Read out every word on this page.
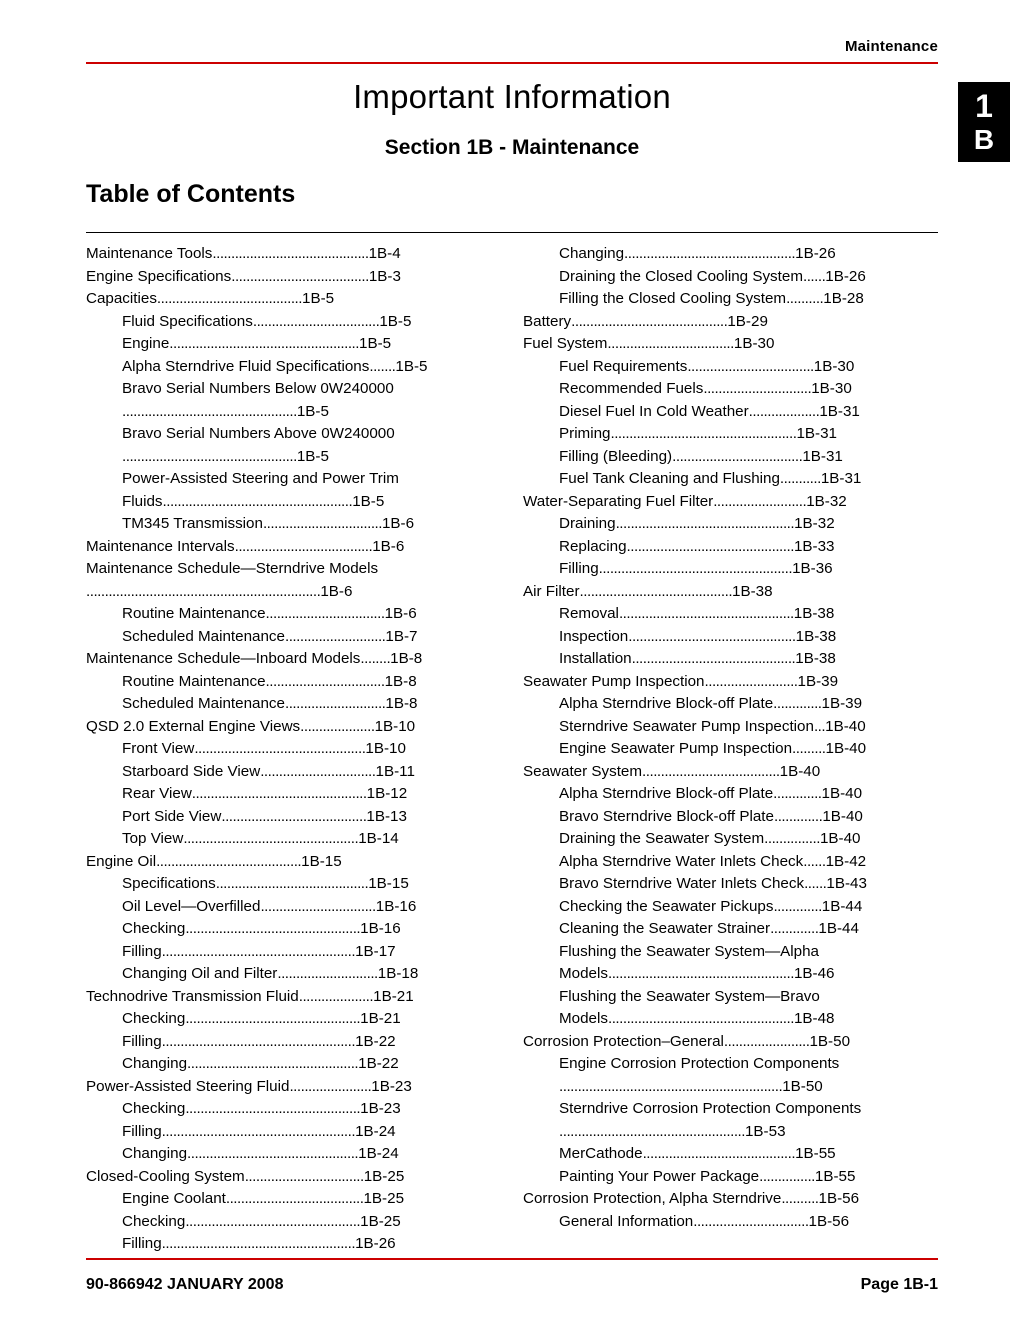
Maintenance
1
B
Important Information
Section 1B - Maintenance
Table of Contents
Maintenance Tools..........................................1B-4
Engine Specifications.....................................1B-3
Capacities.......................................1B-5
Fluid Specifications..................................1B-5
Engine...................................................1B-5
Alpha Sterndrive Fluid Specifications.......1B-5
Bravo Serial Numbers Below 0W240000
...............................................1B-5
Bravo Serial Numbers Above 0W240000
...............................................1B-5
Power-Assisted Steering and Power Trim
Fluids...................................................1B-5
TM345 Transmission................................1B-6
Maintenance Intervals.....................................1B-6
Maintenance Schedule—Sterndrive Models
...............................................................1B-6
Routine Maintenance................................1B-6
Scheduled Maintenance...........................1B-7
Maintenance Schedule—Inboard Models........1B-8
Routine Maintenance................................1B-8
Scheduled Maintenance...........................1B-8
QSD 2.0 External Engine Views....................1B-10
Front View..............................................1B-10
Starboard Side View...............................1B-11
Rear View...............................................1B-12
Port Side View.......................................1B-13
Top View...............................................1B-14
Engine Oil.......................................1B-15
Specifications.........................................1B-15
Oil Level—Overfilled...............................1B-16
Checking...............................................1B-16
Filling....................................................1B-17
Changing Oil and Filter...........................1B-18
Technodrive Transmission Fluid....................1B-21
Checking...............................................1B-21
Filling....................................................1B-22
Changing..............................................1B-22
Power-Assisted Steering Fluid......................1B-23
Checking...............................................1B-23
Filling....................................................1B-24
Changing..............................................1B-24
Closed-Cooling System................................1B-25
Engine Coolant.....................................1B-25
Checking...............................................1B-25
Filling....................................................1B-26
Changing..............................................1B-26
Draining the Closed Cooling System......1B-26
Filling the Closed Cooling System..........1B-28
Battery..........................................1B-29
Fuel System..................................1B-30
Fuel Requirements..................................1B-30
Recommended Fuels.............................1B-30
Diesel Fuel In Cold Weather...................1B-31
Priming..................................................1B-31
Filling (Bleeding)...................................1B-31
Fuel Tank Cleaning and Flushing...........1B-31
Water-Separating Fuel Filter.........................1B-32
Draining................................................1B-32
Replacing.............................................1B-33
Filling....................................................1B-36
Air Filter.........................................1B-38
Removal...............................................1B-38
Inspection.............................................1B-38
Installation............................................1B-38
Seawater Pump Inspection.........................1B-39
Alpha Sterndrive Block-off Plate.............1B-39
Sterndrive Seawater Pump Inspection...1B-40
Engine Seawater Pump Inspection.........1B-40
Seawater System.....................................1B-40
Alpha Sterndrive Block-off Plate.............1B-40
Bravo Sterndrive Block-off Plate.............1B-40
Draining the Seawater System...............1B-40
Alpha Sterndrive Water Inlets Check......1B-42
Bravo Sterndrive Water Inlets Check......1B-43
Checking the Seawater Pickups.............1B-44
Cleaning the Seawater Strainer.............1B-44
Flushing the Seawater System—Alpha
Models..................................................1B-46
Flushing the Seawater System—Bravo
Models..................................................1B-48
Corrosion Protection–General.......................1B-50
Engine Corrosion Protection Components
............................................................1B-50
Sterndrive Corrosion Protection Components
..................................................1B-53
MerCathode.........................................1B-55
Painting Your Power Package...............1B-55
Corrosion Protection, Alpha Sterndrive..........1B-56
General Information...............................1B-56
90-866942 JANUARY 2008	Page 1B-1
